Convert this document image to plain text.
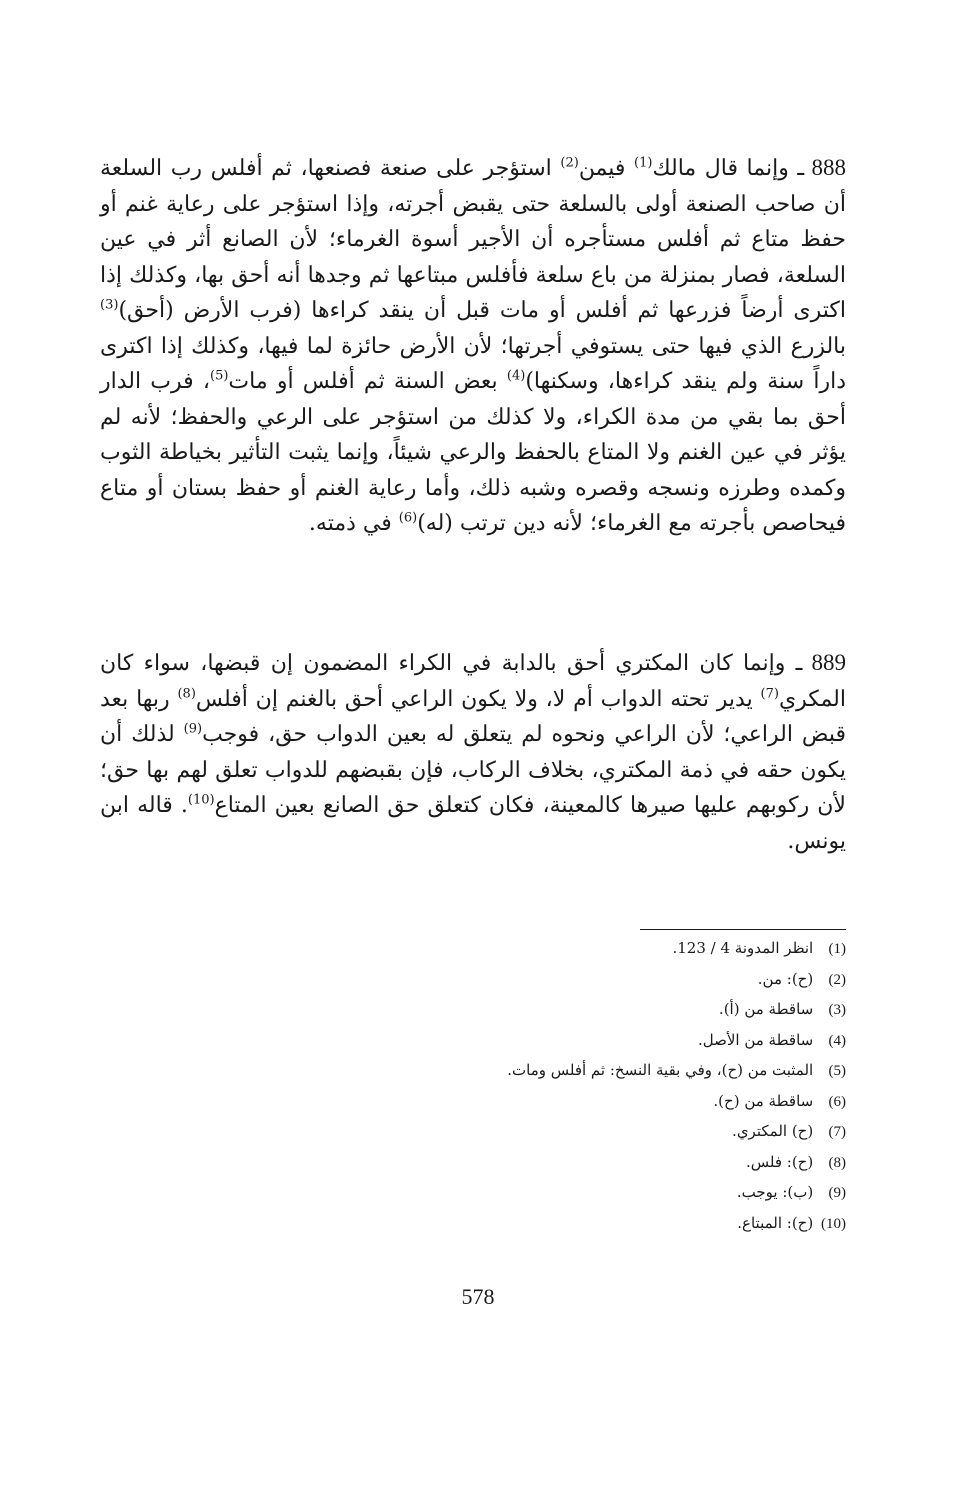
888 ـ وإنما قال مالك$^{(1)}$ فيمن$^{(2)}$ استؤجر على صنعة فصنعها، ثم أفلس رب السلعة أن صاحب الصنعة أولى بالسلعة حتى يقبض أجرته، وإذا استؤجر على رعاية غنم أو حفظ متاع ثم أفلس مستأجره أن الأجير أسوة الغرماء؛ لأن الصانع أثر في عين السلعة، فصار بمنزلة من باع سلعة فأفلس مبتاعها ثم وجدها أنه أحق بها، وكذلك إذا اكترى أرضاً فزرعها ثم أفلس أو مات قبل أن ينقد كراءها (فرب الأرض (أحق)$^{(3)}$ بالزرع الذي فيها حتى يستوفي أجرتها؛ لأن الأرض حائزة لما فيها، وكذلك إذا اكترى داراً سنة ولم ينقد كراءها، وسكنها)$^{(4)}$ بعض السنة ثم أفلس أو مات$^{(5)}$، فرب الدار أحق بما بقي من مدة الكراء، ولا كذلك من استؤجر على الرعي والحفظ؛ لأنه لم يؤثر في عين الغنم ولا المتاع بالحفظ والرعي شيئاً، وإنما يثبت التأثير بخياطة الثوب وكمده وطرزه ونسجه وقصره وشبه ذلك، وأما رعاية الغنم أو حفظ بستان أو متاع فيحاصص بأجرته مع الغرماء؛ لأنه دين ترتب (له)$^{(6)}$ في ذمته.

889 ـ وإنما كان المكتري أحق بالدابة في الكراء المضمون إن قبضها، سواء كان المكري$^{(7)}$ يدير تحته الدواب أم لا، ولا يكون الراعي أحق بالغنم إن أفلس$^{(8)}$ ربها بعد قبض الراعي؛ لأن الراعي ونحوه لم يتعلق له بعين الدواب حق، فوجب$^{(9)}$ لذلك أن يكون حقه في ذمة المكتري، بخلاف الركاب، فإن بقبضهم للدواب تعلق لهم بها حق؛ لأن ركوبهم عليها صيرها كالمعينة، فكان كتعلق حق الصانع بعين المتاع$^{(10)}$. قاله ابن يونس.

(1) انظر المدونة 4 / 123.
(2) (ح): من.
(3) ساقطة من (أ).
(4) ساقطة من الأصل.
(5) المثبت من (ح)، وفي بقية النسخ: ثم أفلس ومات.
(6) ساقطة من (ح).
(7) (ح) المكتري.
(8) (ح): فلس.
(9) (ب): يوجب.
(10) (ح): المبتاع.
578
